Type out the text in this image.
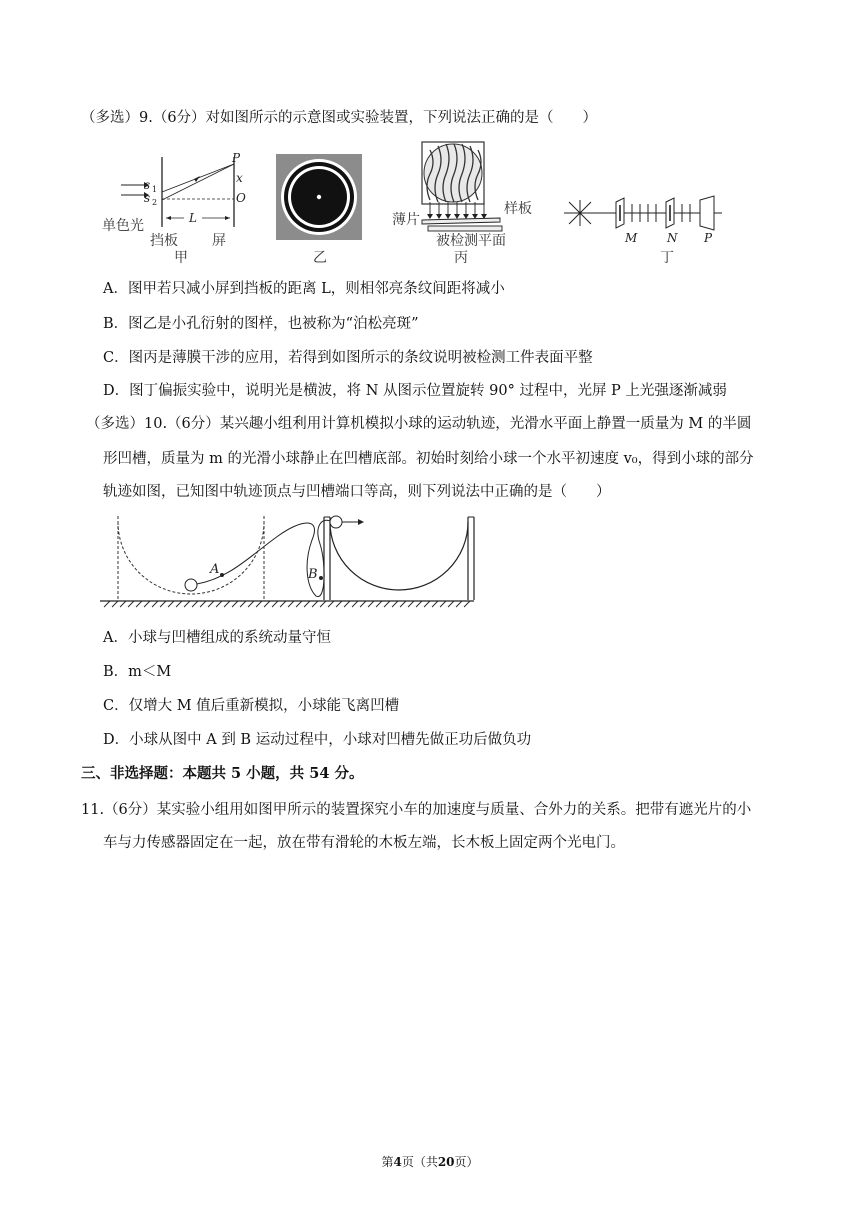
（多选）9.（6分）对如图所示的示意图或实验装置，下列说法正确的是（　　）
s 1
s 2
P
x
O
L
单色光
挡板 屏
甲	乙
薄片
样板
被检测平面
丙
M N P
丁
A．图甲若只减小屏到挡板的距离 L，则相邻亮条纹间距将减小
B．图乙是小孔衍射的图样，也被称为“泊松亮斑”
C．图丙是薄膜干涉的应用，若得到如图所示的条纹说明被检测工件表面平整
D．图丁偏振实验中，说明光是横波，将 N 从图示位置旋转 90° 过程中，光屏 P 上光强逐渐减弱
（多选）10.（6分）某兴趣小组利用计算机模拟小球的运动轨迹，光滑水平面上静置一质量为 M 的半圆
形凹槽，质量为 m 的光滑小球静止在凹槽底部。初始时刻给小球一个水平初速度 v₀，得到小球的部分
轨迹如图，已知图中轨迹顶点与凹槽端口等高，则下列说法中正确的是（　　）
A	B
A．小球与凹槽组成的系统动量守恒
B．m＜M
C．仅增大 M 值后重新模拟，小球能飞离凹槽
D．小球从图中 A 到 B 运动过程中，小球对凹槽先做正功后做负功
三、非选择题：本题共 5 小题，共 54 分。
11.（6分）某实验小组用如图甲所示的装置探究小车的加速度与质量、合外力的关系。把带有遮光片的小
车与力传感器固定在一起，放在带有滑轮的木板左端，长木板上固定两个光电门。
第4页（共20页）
